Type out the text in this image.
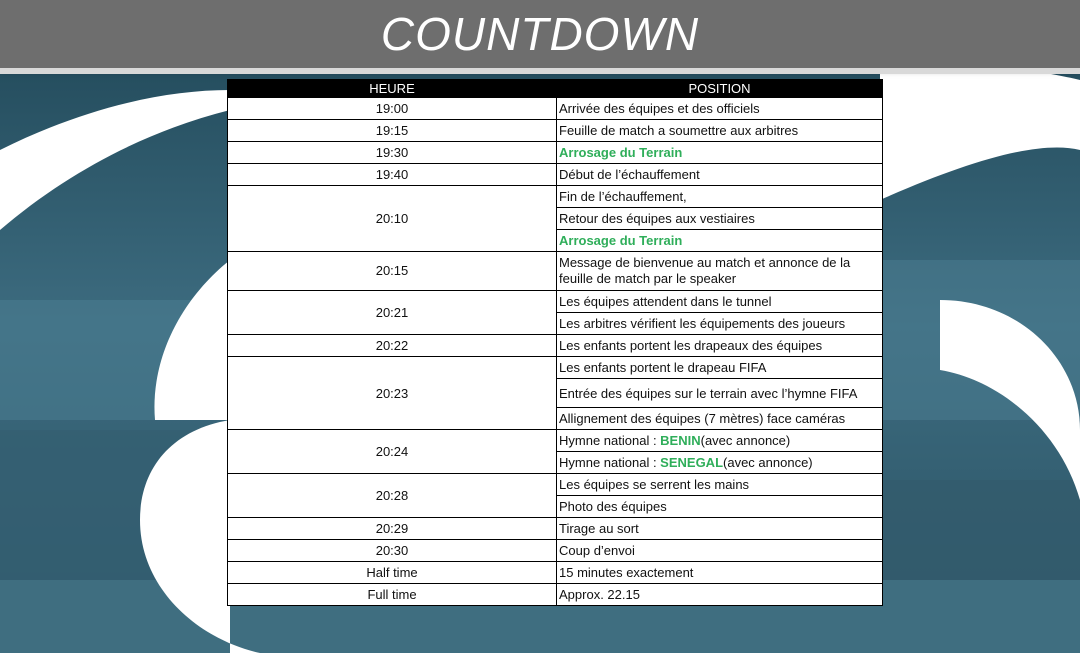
COUNTDOWN
HEURE	POSITION
19:00	Arrivée des équipes et des officiels
19:15	Feuille de match a soumettre aux arbitres
19:30	Arrosage du Terrain
19:40	Début de l’échauffement
20:10	Fin de l’échauffement,
	Retour des équipes aux vestiaires
	Arrosage du Terrain
20:15	Message de bienvenue au match et annonce de la feuille de match par le speaker
20:21	Les équipes attendent dans le tunnel
	Les arbitres vérifient les équipements des joueurs
20:22	Les enfants portent les drapeaux des équipes
20:23	Les enfants portent le drapeau FIFA
	Entrée des équipes sur le terrain avec l’hymne FIFA
	Allignement des équipes (7 mètres) face caméras
20:24	Hymne national : BENIN(avec annonce)
	Hymne national : SENEGAL(avec annonce)
20:28	Les équipes se serrent les mains
	Photo des équipes
20:29	Tirage au sort
20:30	Coup d’envoi
Half time	15 minutes exactement
Full time	Approx. 22.15
